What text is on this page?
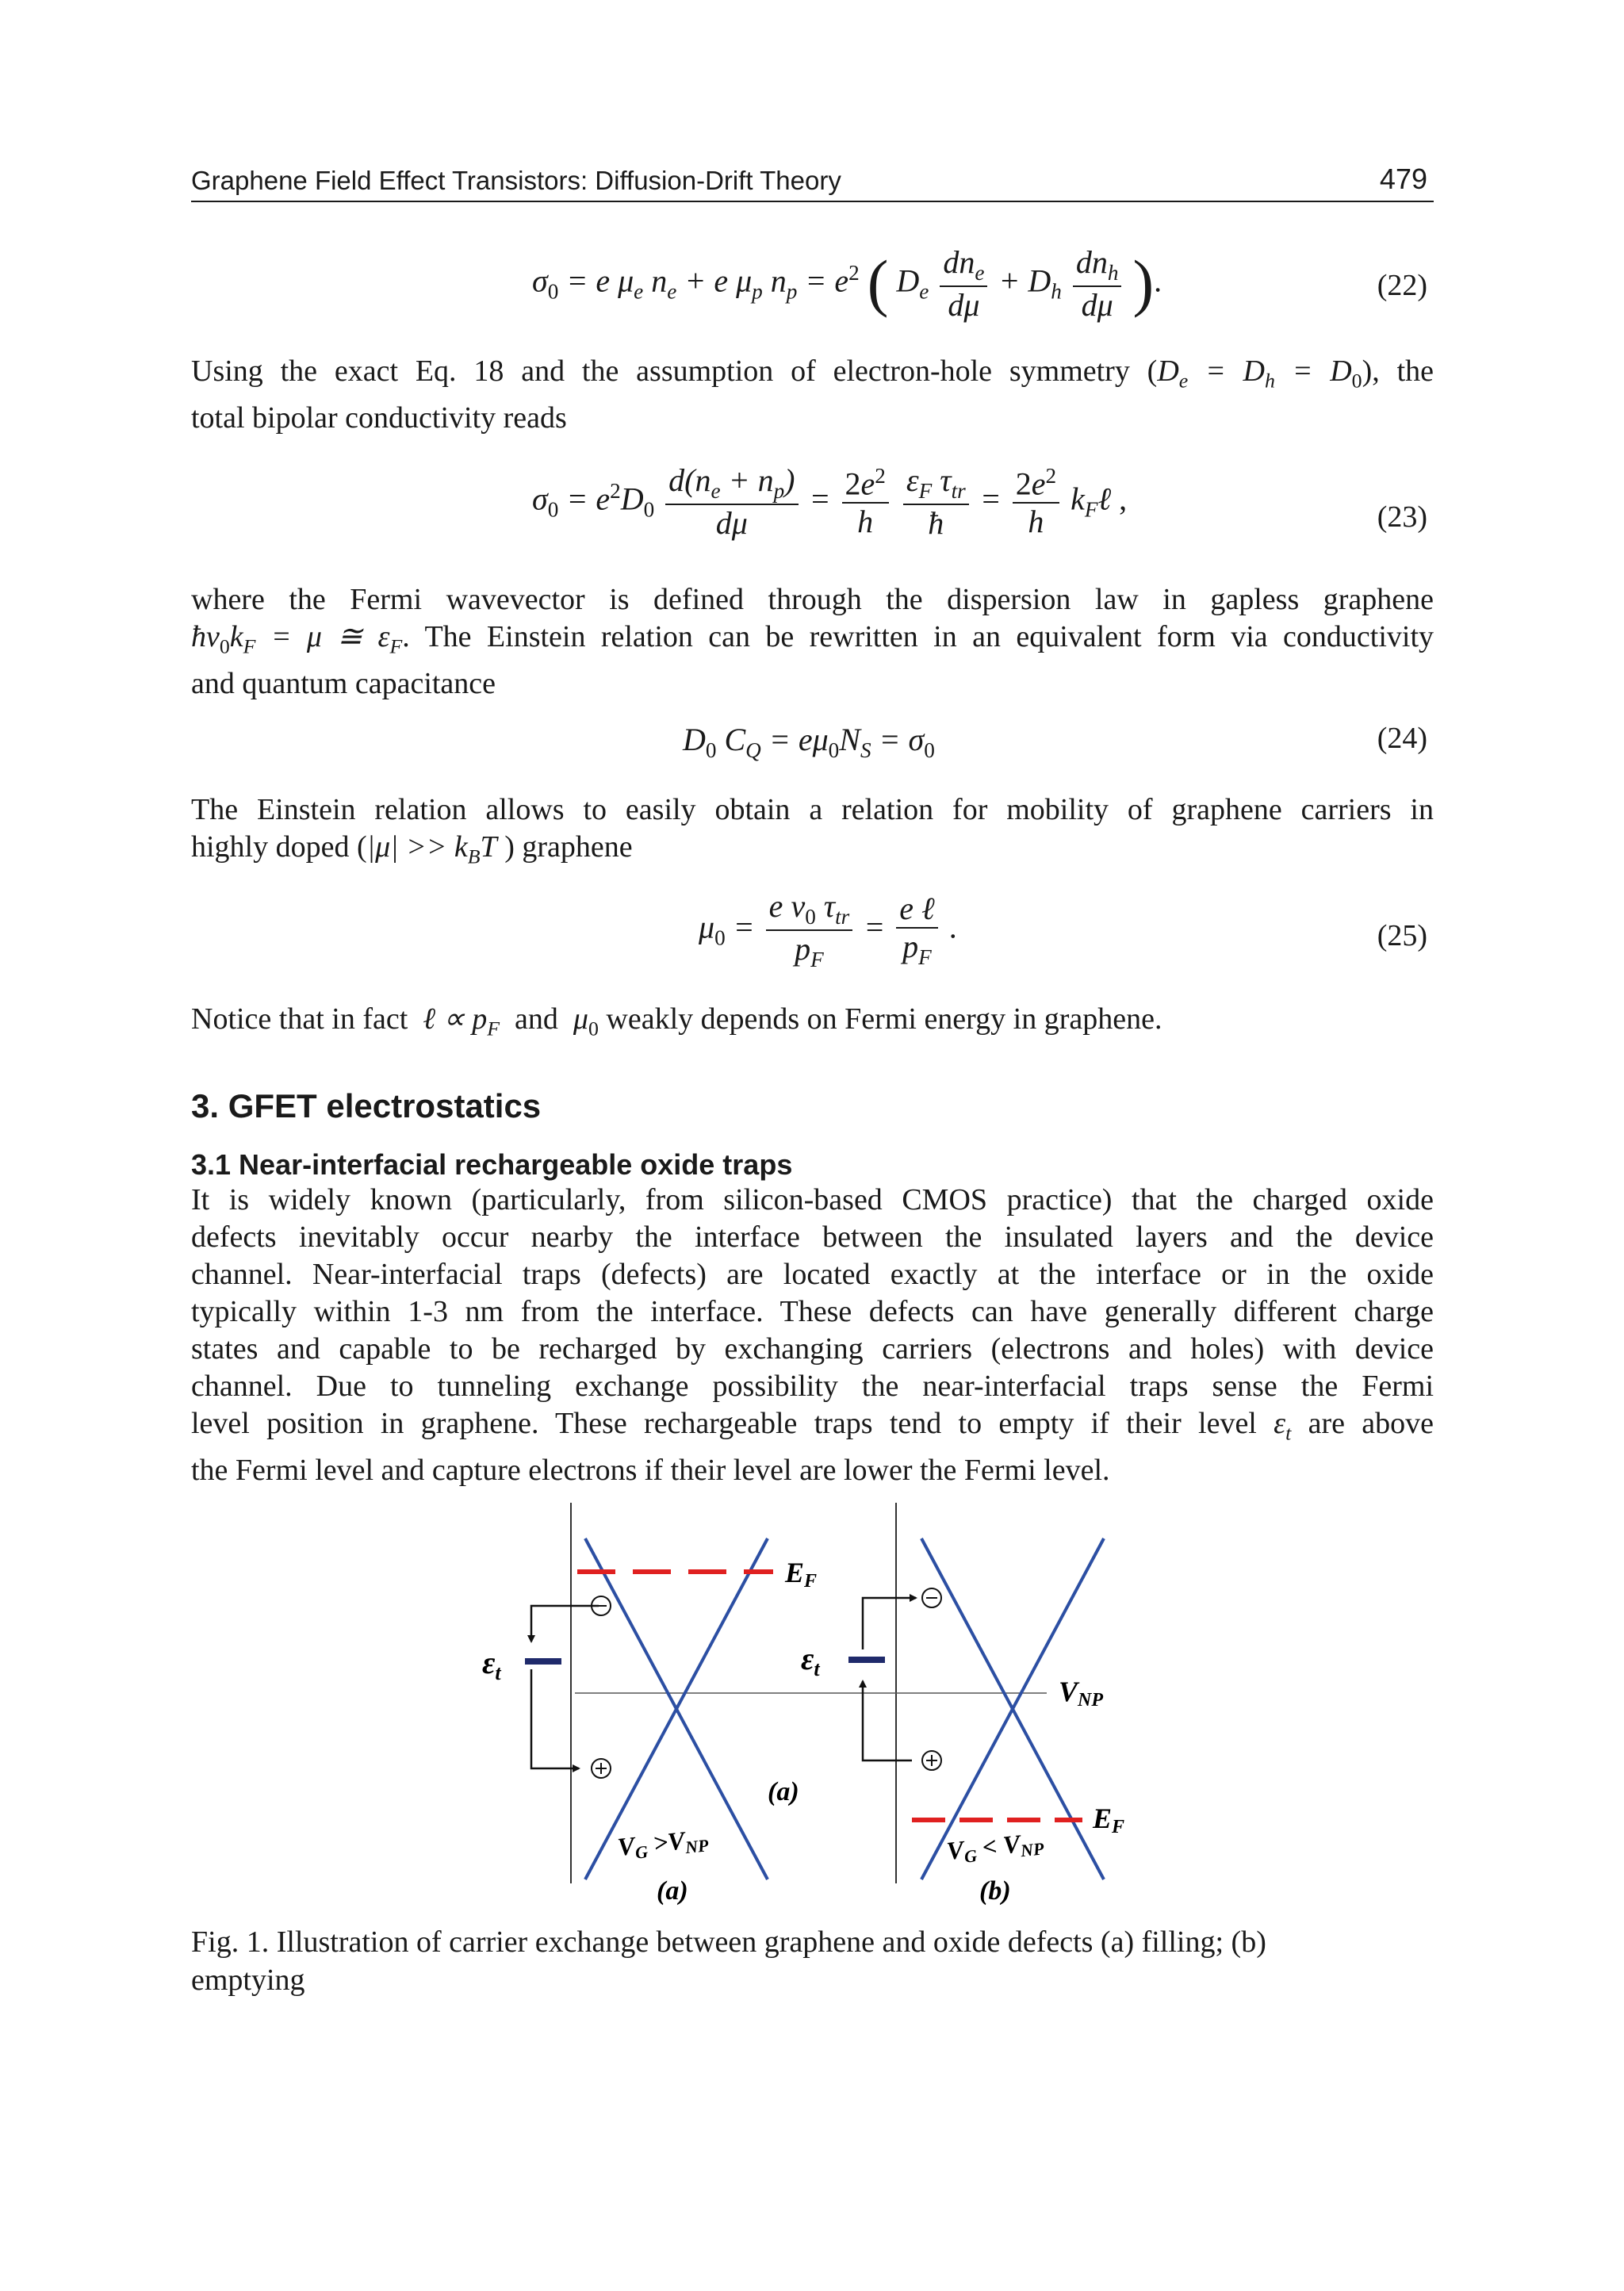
Graphene Field Effect Transistors: Diffusion-Drift Theory	479
$\sigma_0 = e$ $\mu_e$ $n_e + e$ $\mu_p$ $n_p = e^2$ ( $D_e \frac{dn_e}{d\mu} + D_h \frac{dn_h}{d\mu}$ ).	(22)
Using the exact Eq. 18 and the assumption of electron-hole symmetry $(D_e = D_h = D_0)$, the
total bipolar conductivity reads
$\sigma_0 = e^2D_0 \frac{d(n_e + n_p)}{d\mu} = \frac{2e^2}{h}$
$\frac{\varepsilon_F \tau_{tr}}{ħ} = \frac{2e^2}{h}$ $k_F\ell$ ,
(23)
where the Fermi wavevector is defined through the dispersion law in gapless graphene
$ħv_0k_F = \mu$ ≅ $\varepsilon_F$. The Einstein relation can be rewritten in an equivalent form via conductivity
and quantum capacitance
$D_0$ $C_Q = e\mu_0N_S = \sigma_0$	(24)
The Einstein relation allows to easily obtain a relation for mobility of graphene carriers in
highly doped ($|\mu| >> k_BT$ ) graphene
$\mu_0 = \frac{e v_0 \tau_{tr}}{p_F} = \frac{\text{e ℓ}}{p_F}$ .	(25)
Notice that in fact  ℓ ∝ $p_F$ and  $\mu_0$ weakly depends on Fermi energy in graphene.
3. GFET electrostatics
3.1 Near-interfacial rechargeable oxide traps
It is widely known (particularly, from silicon-based CMOS practice) that the charged oxide
defects inevitably occur nearby the interface between the insulated layers and the device
channel. Near-interfacial traps (defects) are located exactly at the interface or in the oxide
typically within 1-3 nm from the interface. These defects can have generally different charge
states and capable to be recharged by exchanging carriers (electrons and holes) with device
channel. Due to tunneling exchange possibility the near-interfacial traps sense the Fermi
level position in graphene. These rechargeable traps tend to empty if their level $\varepsilon_t$ are above
the Fermi level and capture electrons if their level are lower the Fermi level.
EF
$\varepsilon_t$
(a)
VG >VNP
(a)
$\varepsilon_t$
VNP
EF
VG < VNP
(b)
Fig. 1. Illustration of carrier exchange between graphene and oxide defects (a) filling; (b)
emptying
